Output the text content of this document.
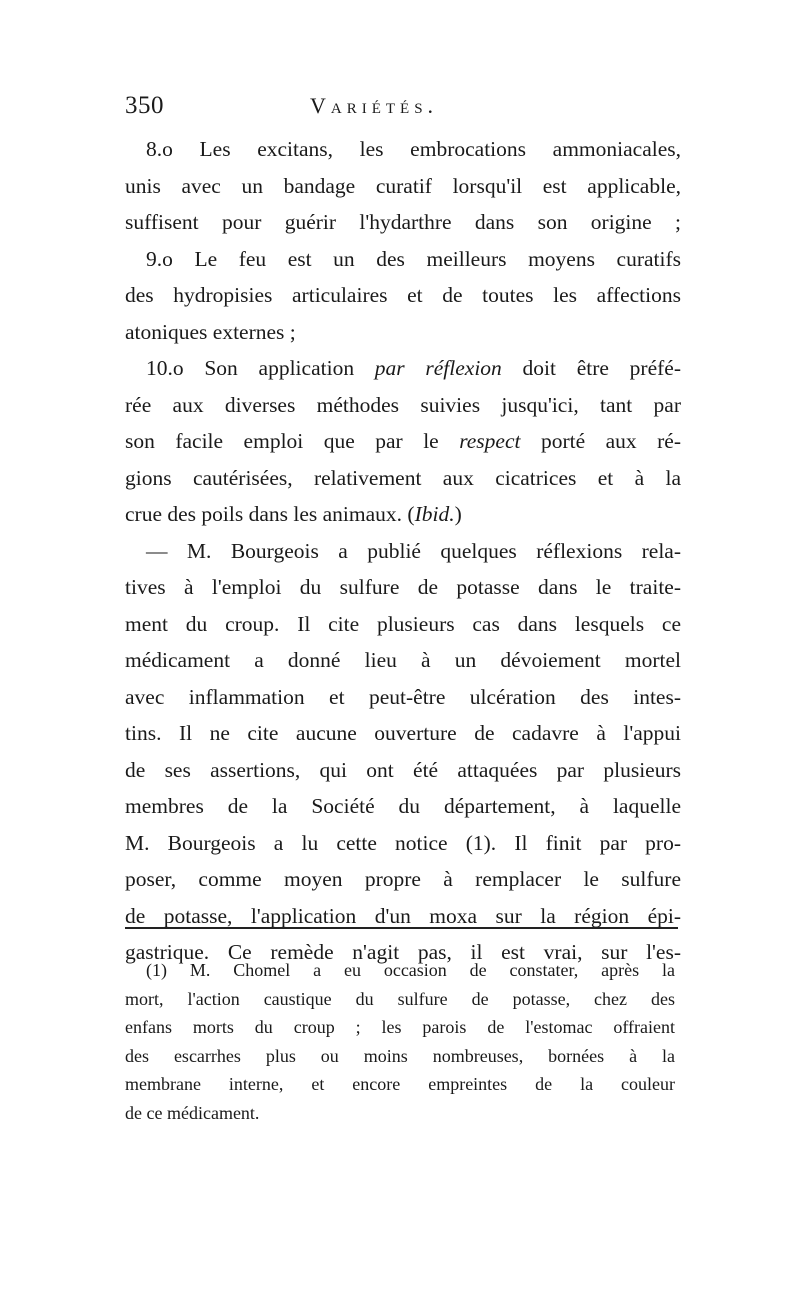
350	Variétés.
8.o Les excitans, les embrocations ammoniacales,
unis avec un bandage curatif lorsqu'il est applicable,
suffisent pour guérir l'hydarthre dans son origine ;
9.o Le feu est un des meilleurs moyens curatifs
des hydropisies articulaires et de toutes les affections
atoniques externes ;
10.o Son application par réflexion doit être préfé-
rée aux diverses méthodes suivies jusqu'ici, tant par
son facile emploi que par le respect porté aux ré-
gions cautérisées, relativement aux cicatrices et à la
crue des poils dans les animaux. (Ibid.)
— M. Bourgeois a publié quelques réflexions rela-
tives à l'emploi du sulfure de potasse dans le traite-
ment du croup. Il cite plusieurs cas dans lesquels ce
médicament a donné lieu à un dévoiement mortel
avec inflammation et peut-être ulcération des intes-
tins. Il ne cite aucune ouverture de cadavre à l'appui
de ses assertions, qui ont été attaquées par plusieurs
membres de la Société du département, à laquelle
M. Bourgeois a lu cette notice (1). Il finit par pro-
poser, comme moyen propre à remplacer le sulfure
de potasse, l'application d'un moxa sur la région épi-
gastrique. Ce remède n'agit pas, il est vrai, sur l'es-
(1) M. Chomel a eu occasion de constater, après la
mort, l'action caustique du sulfure de potasse, chez des
enfans morts du croup ; les parois de l'estomac offraient
des escarrhes plus ou moins nombreuses, bornées à la
membrane interne, et encore empreintes de la couleur
de ce médicament.
